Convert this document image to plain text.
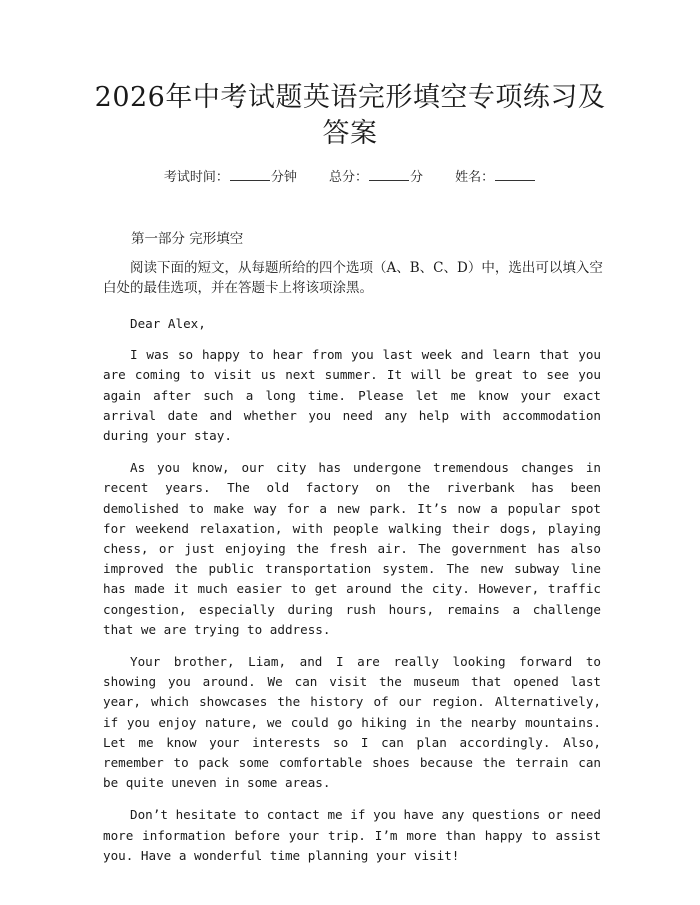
2026年中考试题英语完形填空专项练习及答案
考试时间：	分钟 总分：	分 姓名：
第一部分 完形填空

阅读下面的短文，从每题所给的四个选项（A、B、C、D）中，选出可以填入空白处的最佳选项，并在答题卡上将该项涂黑。

Dear Alex,

I was so happy to hear from you last week and learn that you are coming to visit us next summer. It will be great to see you again after such a long time. Please let me know your exact arrival date and whether you need any help with accommodation during your stay.

As you know, our city has undergone tremendous changes in recent years. The old factory on the riverbank has been demolished to make way for a new park. It’s now a popular spot for weekend relaxation, with people walking their dogs, playing chess, or just enjoying the fresh air. The government has also improved the public transportation system. The new subway line has made it much easier to get around the city. However, traffic congestion, especially during rush hours, remains a challenge that we are trying to address.

Your brother, Liam, and I are really looking forward to showing you around. We can visit the museum that opened last year, which showcases the history of our region. Alternatively, if you enjoy nature, we could go hiking in the nearby mountains. Let me know your interests so I can plan accordingly. Also, remember to pack some comfortable shoes because the terrain can be quite uneven in some areas.

Don’t hesitate to contact me if you have any questions or need more information before your trip. I’m more than happy to assist you. Have a wonderful time planning your visit!
